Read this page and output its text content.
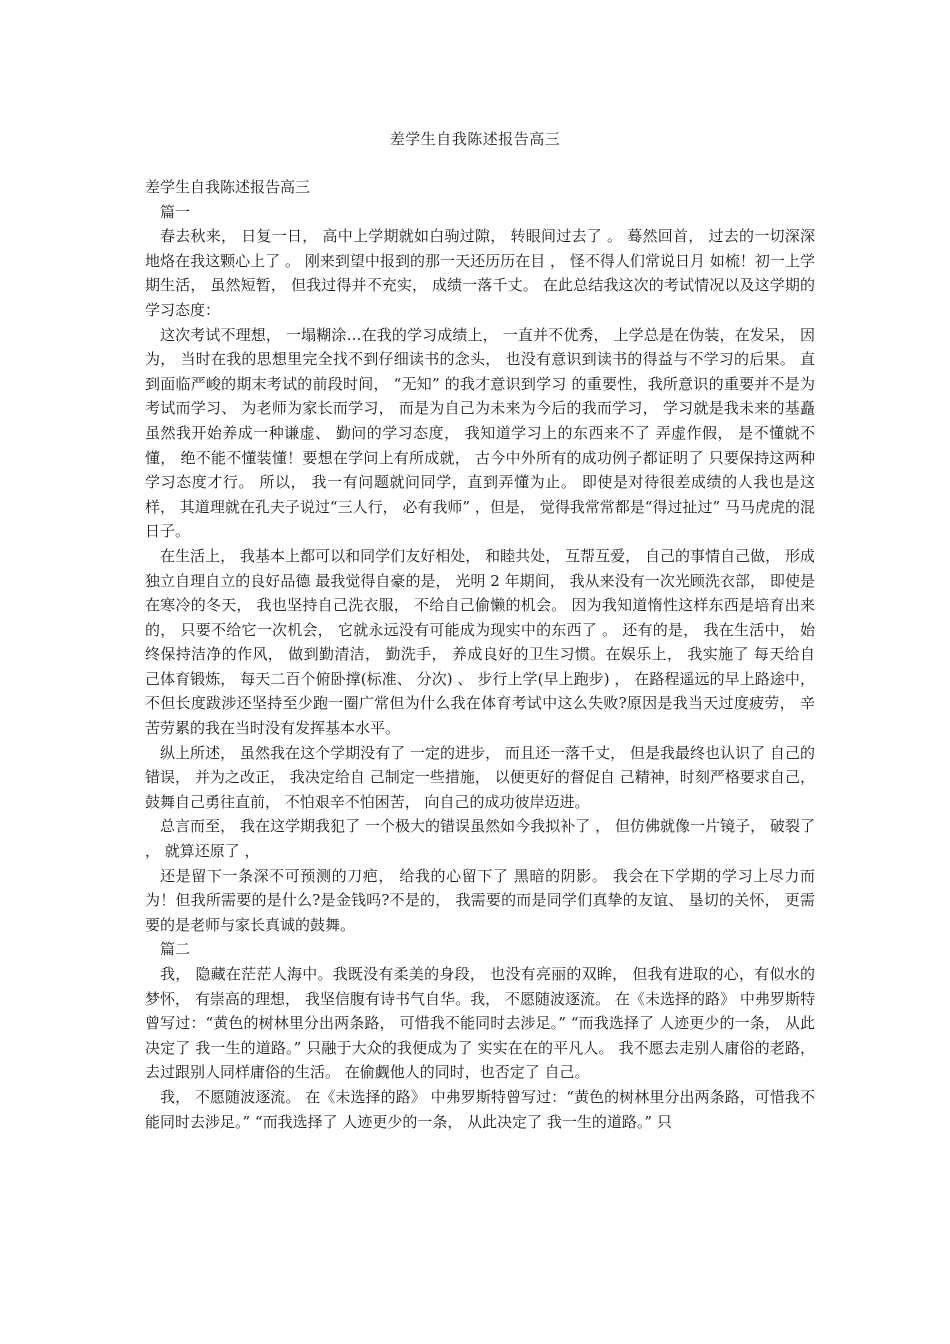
差学生自我陈述报告高三

差学生自我陈述报告高三

篇一

春去秋来， 日复一日， 高中上学期就如白驹过隙， 转眼间过去了 。 蓦然回首， 过去的一切深深地烙在我这颗心上了 。 刚来到望中报到的那一天还历历在目 ， 怪不得人们常说日月 如梳！初一上学期生活， 虽然短暂， 但我过得并不充实， 成绩一落千丈。 在此总结我这次的考试情况以及这学期的学习态度：

这次考试不理想， 一塌糊涂…在我的学习成绩上， 一直并不优秀， 上学总是在伪装，在发呆， 因为， 当时在我的思想里完全找不到仔细读书的念头， 也没有意识到读书的得益与不学习的后果。 直到面临严峻的期末考试的前段时间， “无知” 的我才意识到学习 的重要性，我所意识的重要并不是为考试而学习、 为老师为家长而学习， 而是为自己为未来为今后的我而学习， 学习就是我未来的基矗虽然我开始养成一种谦虚、 勤问的学习态度， 我知道学习上的东西来不了 弄虚作假， 是不懂就不懂， 绝不能不懂装懂！要想在学问上有所成就， 古今中外所有的成功例子都证明了 只要保持这两种学习态度才行。 所以， 我一有问题就问同学，直到弄懂为止。 即使是对待很差成绩的人我也是这样， 其道理就在孔夫子说过“三人行， 必有我师” ，但是， 觉得我常常都是“得过扯过” 马马虎虎的混日子。

在生活上， 我基本上都可以和同学们友好相处， 和睦共处， 互帮互爱， 自己的事情自己做， 形成独立自理自立的良好品德 最我觉得自豪的是， 光明 2 年期间， 我从来没有一次光顾洗衣部， 即使是在寒冷的冬天， 我也坚持自己洗衣服， 不给自己偷懒的机会。 因为我知道惰性这样东西是培育出来的， 只要不给它一次机会， 它就永远没有可能成为现实中的东西了 。 还有的是， 我在生活中， 始终保持洁净的作风， 做到勤清洁， 勤洗手， 养成良好的卫生习惯。在娱乐上， 我实施了 每天给自 己体育锻炼， 每天二百个俯卧撑(标准、 分次) 、 步行上学(早上跑步) ， 在路程遥远的早上路途中， 不但长度跋涉还坚持至少跑一圈广常但为什么我在体育考试中这么失败?原因是我当天过度疲劳， 辛苦劳累的我在当时没有发挥基本水平。

纵上所述， 虽然我在这个学期没有了 一定的进步， 而且还一落千丈， 但是我最终也认识了 自己的错误， 并为之改正， 我决定给自 己制定一些措施， 以便更好的督促自 己精神，时刻严格要求自己， 鼓舞自己勇往直前， 不怕艰辛不怕困苦， 向自己的成功彼岸迈进。

总言而至， 我在这学期我犯了 一个极大的错误虽然如今我拟补了 ， 但仿佛就像一片镜子， 破裂了 ， 就算还原了 ，

还是留下一条深不可预测的刀疤， 给我的心留下了 黑暗的阴影。 我会在下学期的学习上尽力而为！但我所需要的是什么?是金钱吗?不是的， 我需要的而是同学们真挚的友谊、 垦切的关怀， 更需要的是老师与家长真诚的鼓舞。

篇二

我， 隐藏在茫茫人海中。我既没有柔美的身段， 也没有亮丽的双眸， 但我有进取的心，有似水的梦怀， 有崇高的理想， 我坚信腹有诗书气自华。我， 不愿随波逐流。 在《未选择的路》 中弗罗斯特曾写过：“黄色的树林里分出两条路， 可惜我不能同时去涉足。” “而我选择了 人迹更少的一条， 从此决定了 我一生的道路。” 只融于大众的我便成为了 实实在在的平凡人。 我不愿去走别人庸俗的老路， 去过跟别人同样庸俗的生活。 在偷觑他人的同时，也否定了 自己。

我， 不愿随波逐流。 在《未选择的路》 中弗罗斯特曾写过：“黄色的树林里分出两条路，可惜我不能同时去涉足。” “而我选择了 人迹更少的一条， 从此决定了 我一生的道路。” 只
